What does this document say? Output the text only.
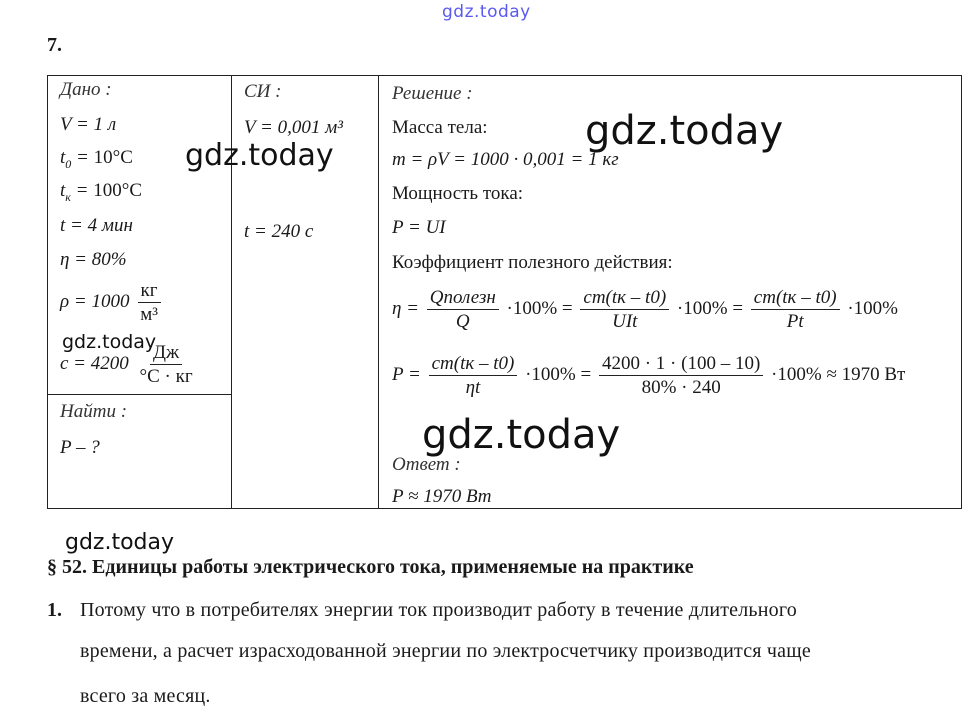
gdz.today
7.
Дано :
V = 1 л
$t_0 = 10^\circ C$
$t_к = 100^\circ C$
t = 4 мин
η = 80%
$\rho = 1000 \frac{кг}{\text{м³}}$
$c = 4200 \frac{Дж}{^\circ C \cdot кг}$
Найти :
P – ?
СИ :
V = 0,001 м³
t = 240 с
Решение :
Масса тела:
m = ρV = 1000 · 0,001 = 1 кг
Мощность тока:
P = UI
Коэффициент полезного действия:
$\eta = \frac{\text{Qполезн}}{Q} \cdot 100\% = \frac{cm(tк - t0)}{\text{UIt}} \cdot 100\% = \frac{cm(tк - t0)}{Pt} \cdot 100\%$
$P = \frac{cm(tк - t0)}{\eta t} \cdot 100\% = \frac{4200 \cdot 1 \cdot (100 - 10)}{80\% \cdot 240} \cdot 100\% \approx 1970$ Вт
Ответ :
P ≈ 1970 Вт
gdz.today
gdz.today
gdz.today
gdz.today
gdz.today
§ 52. Единицы работы электрического тока, применяемые на практике
1. Потому что в потребителях энергии ток производит работу в течение длительного
времени, а расчет израсходованной энергии по электросчетчику производится чаще
всего за месяц.
